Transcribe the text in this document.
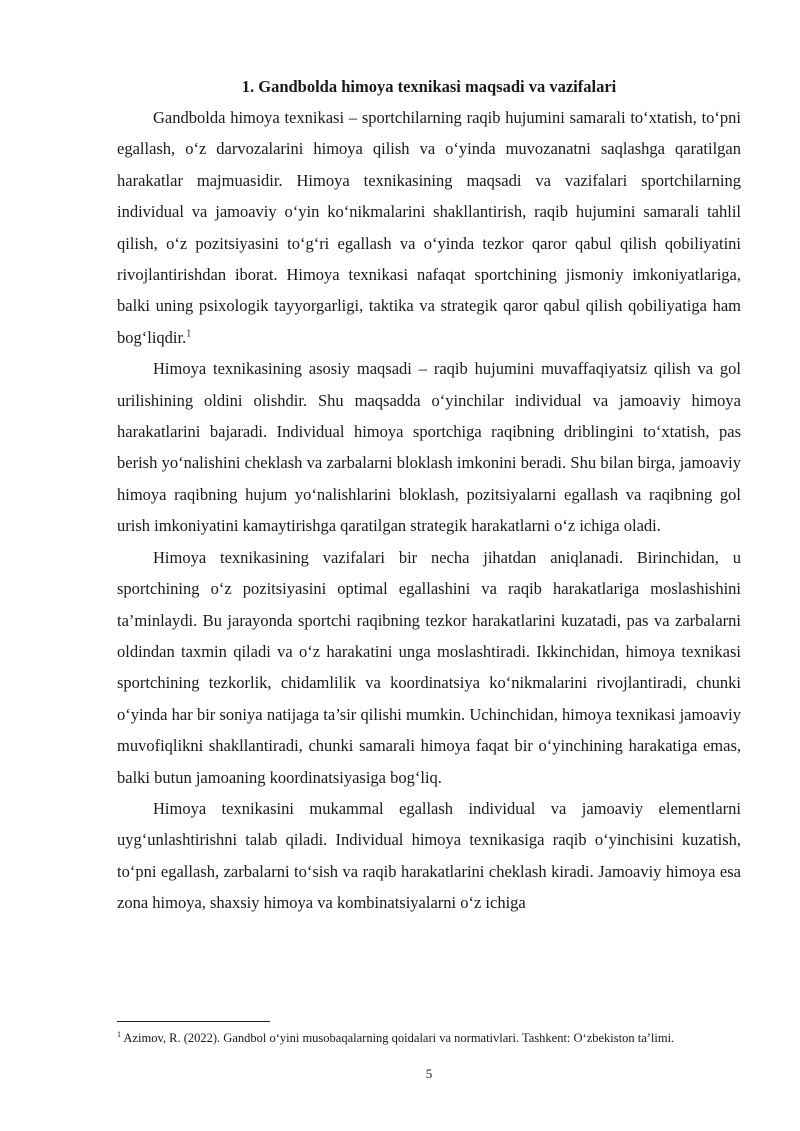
1. Gandbolda himoya texnikasi maqsadi va vazifalari

Gandbolda himoya texnikasi – sportchilarning raqib hujumini samarali to‘xtatish, to‘pni egallash, o‘z darvozalarini himoya qilish va o‘yinda muvozanatni saqlashga qaratilgan harakatlar majmuasidir. Himoya texnikasining maqsadi va vazifalari sportchilarning individual va jamoaviy o‘yin ko‘nikmalarini shakllantirish, raqib hujumini samarali tahlil qilish, o‘z pozitsiyasini to‘g‘ri egallash va o‘yinda tezkor qaror qabul qilish qobiliyatini rivojlantirishdan iborat. Himoya texnikasi nafaqat sportchining jismoniy imkoniyatlariga, balki uning psixologik tayyorgarligi, taktika va strategik qaror qabul qilish qobiliyatiga ham bog‘liqdir.$^1$

Himoya texnikasining asosiy maqsadi – raqib hujumini muvaffaqiyatsiz qilish va gol urilishining oldini olishdir. Shu maqsadda o‘yinchilar individual va jamoaviy himoya harakatlarini bajaradi. Individual himoya sportchiga raqibning driblingini to‘xtatish, pas berish yo‘nalishini cheklash va zarbalarni bloklash imkonini beradi. Shu bilan birga, jamoaviy himoya raqibning hujum yo‘nalishlarini bloklash, pozitsiyalarni egallash va raqibning gol urish imkoniyatini kamaytirishga qaratilgan strategik harakatlarni o‘z ichiga oladi.

Himoya texnikasining vazifalari bir necha jihatdan aniqlanadi. Birinchidan, u sportchining o‘z pozitsiyasini optimal egallashini va raqib harakatlariga moslashishini ta’minlaydi. Bu jarayonda sportchi raqibning tezkor harakatlarini kuzatadi, pas va zarbalarni oldindan taxmin qiladi va o‘z harakatini unga moslashtiradi. Ikkinchidan, himoya texnikasi sportchining tezkorlik, chidamlilik va koordinatsiya ko‘nikmalarini rivojlantiradi, chunki o‘yinda har bir soniya natijaga ta’sir qilishi mumkin. Uchinchidan, himoya texnikasi jamoaviy muvofiqlikni shakllantiradi, chunki samarali himoya faqat bir o‘yinchining harakatiga emas, balki butun jamoaning koordinatsiyasiga bog‘liq.

Himoya texnikasini mukammal egallash individual va jamoaviy elementlarni uyg‘unlashtirishni talab qiladi. Individual himoya texnikasiga raqib o‘yinchisini kuzatish, to‘pni egallash, zarbalarni to‘sish va raqib harakatlarini cheklash kiradi. Jamoaviy himoya esa zona himoya, shaxsiy himoya va kombinatsiyalarni o‘z ichiga

$^1$ Azimov, R. (2022). Gandbol o‘yini musobaqalarning qoidalari va normativlari. Tashkent: O‘zbekiston ta’limi.
5
